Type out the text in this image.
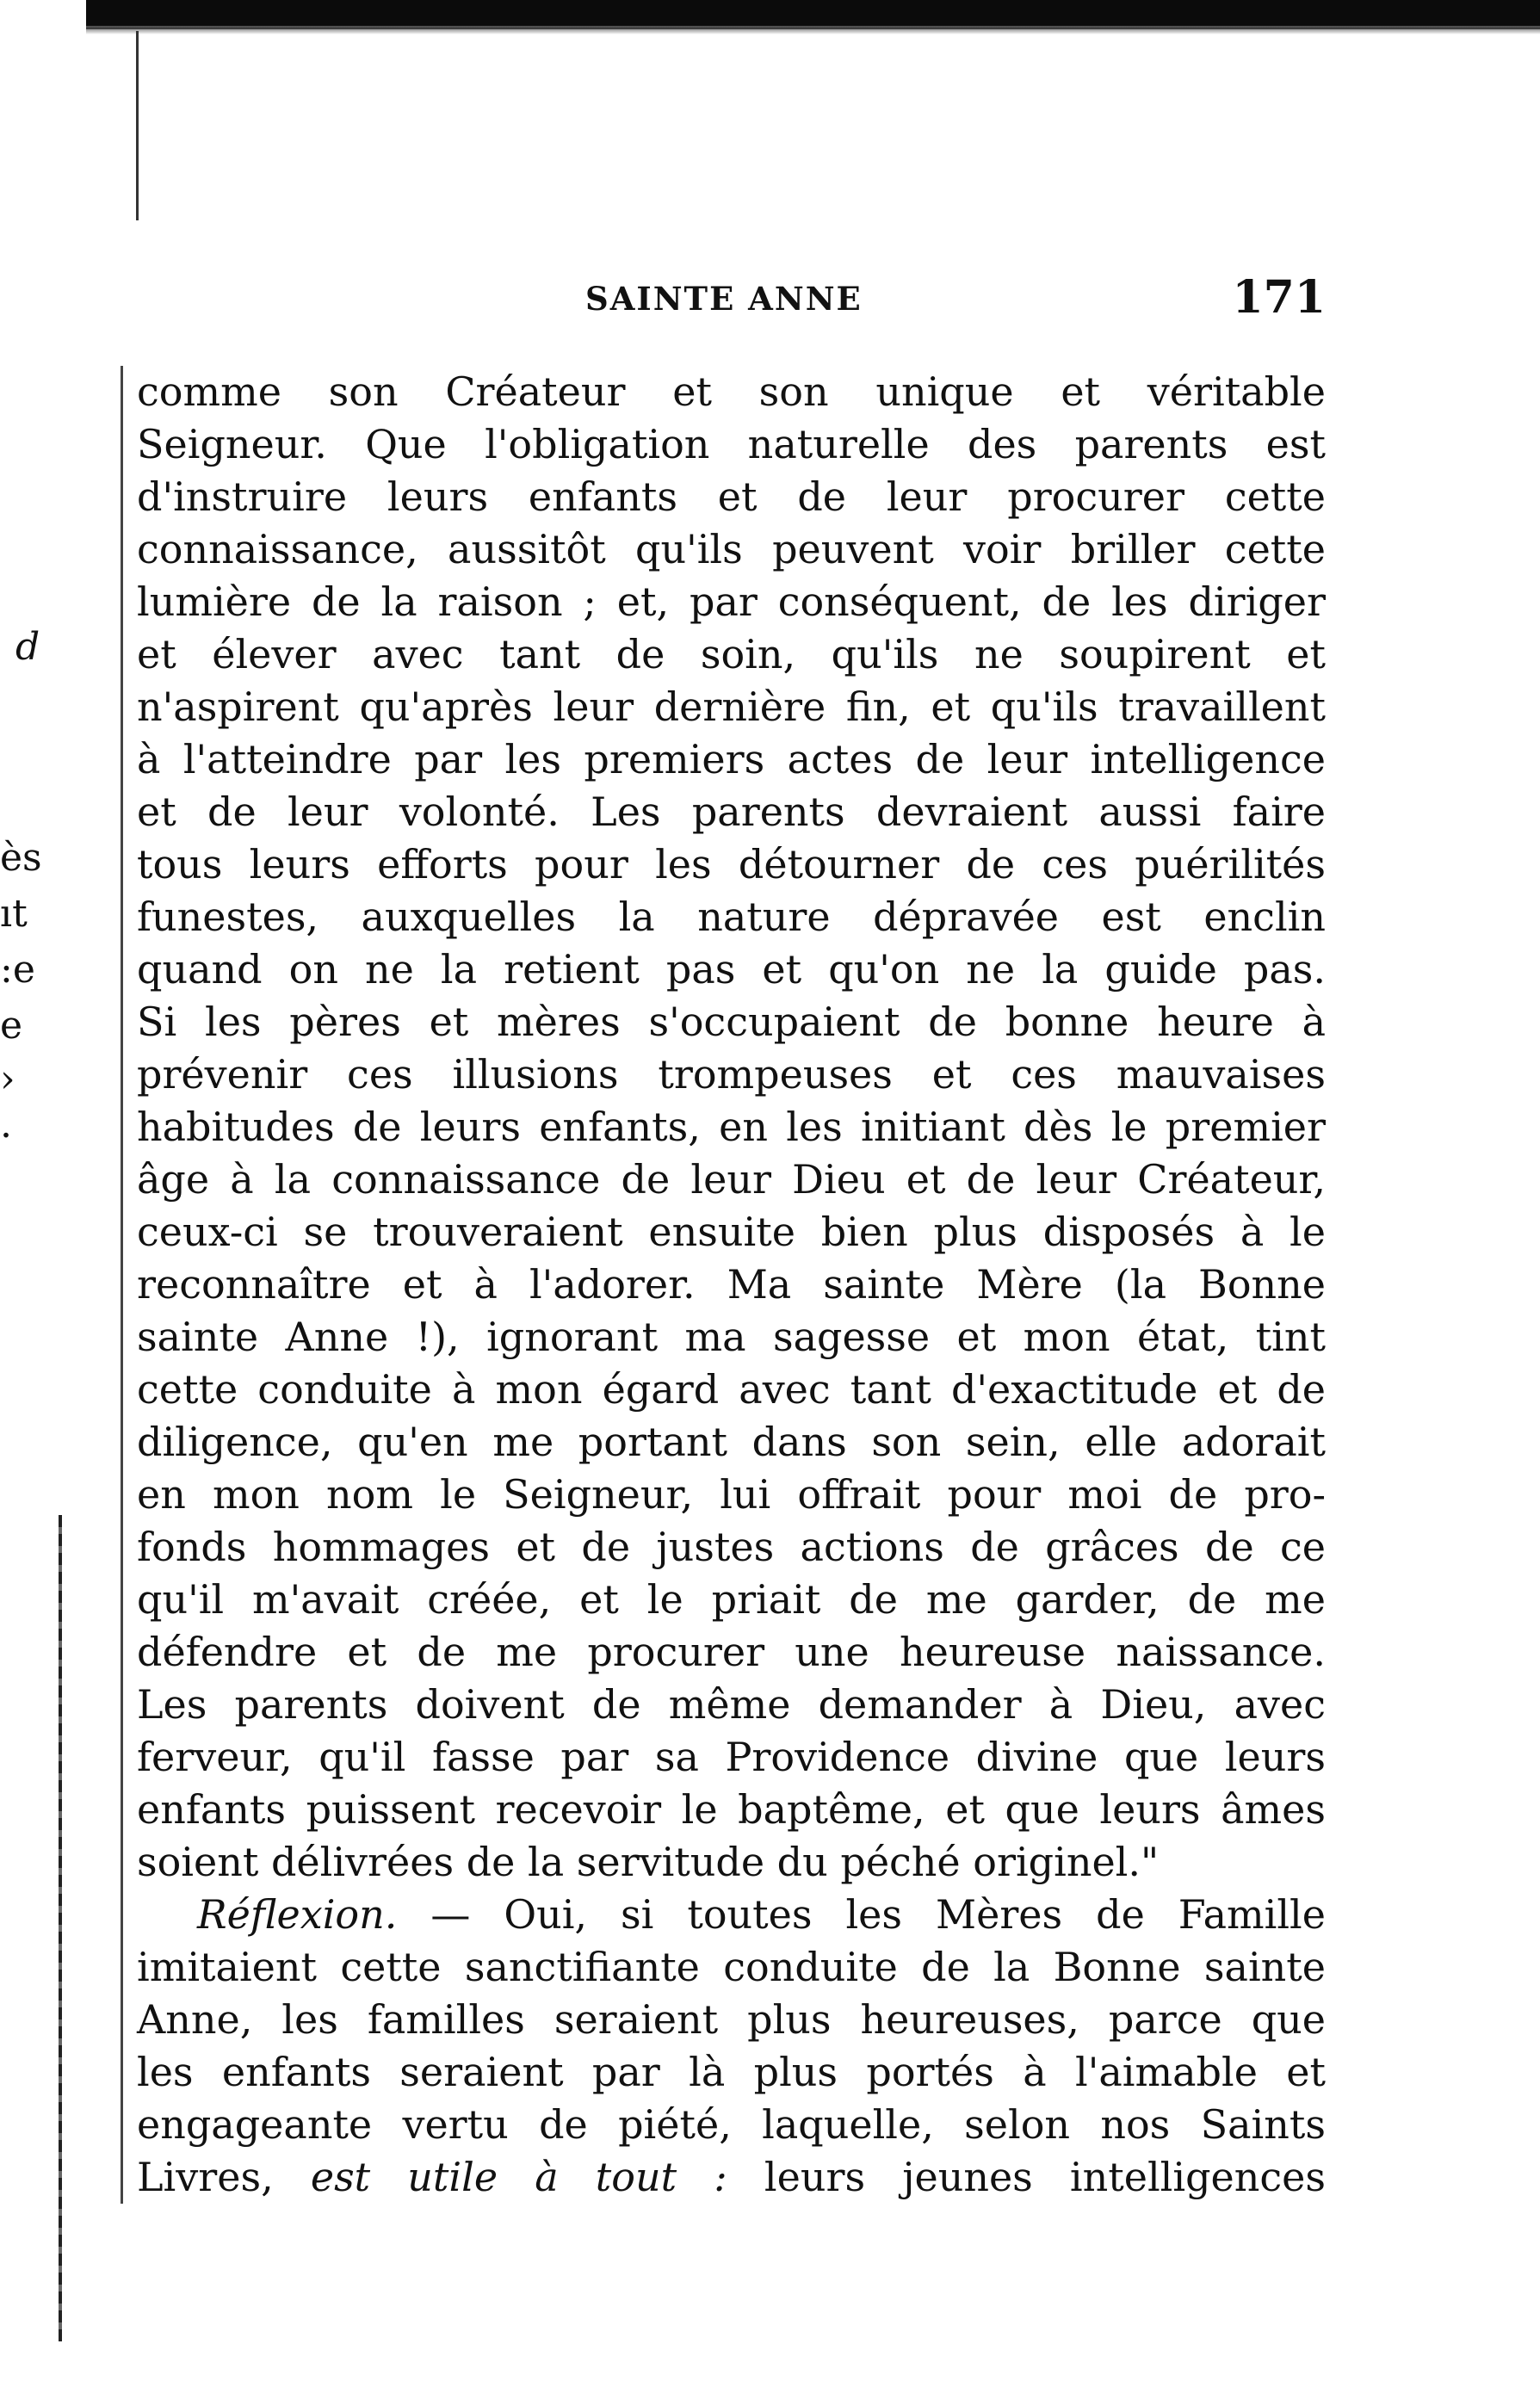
d
ès
ıt
:e
e
›
.
SAINTE ANNE	171

comme son Créateur et son unique et véritable
Seigneur. Que l'obligation naturelle des parents est
d'instruire leurs enfants et de leur procurer cette
connaissance, aussitôt qu'ils peuvent voir briller cette
lumière de la raison ; et, par conséquent, de les diriger
et élever avec tant de soin, qu'ils ne soupirent et
n'aspirent qu'après leur dernière fin, et qu'ils travaillent
à l'atteindre par les premiers actes de leur intelligence
et de leur volonté. Les parents devraient aussi faire
tous leurs efforts pour les détourner de ces puérilités
funestes, auxquelles la nature dépravée est enclin
quand on ne la retient pas et qu'on ne la guide pas.
Si les pères et mères s'occupaient de bonne heure à
prévenir ces illusions trompeuses et ces mauvaises
habitudes de leurs enfants, en les initiant dès le premier
âge à la connaissance de leur Dieu et de leur Créateur,
ceux-ci se trouveraient ensuite bien plus disposés à le
reconnaître et à l'adorer. Ma sainte Mère (la Bonne
sainte Anne !), ignorant ma sagesse et mon état, tint
cette conduite à mon égard avec tant d'exactitude et de
diligence, qu'en me portant dans son sein, elle adorait
en mon nom le Seigneur, lui offrait pour moi de pro-
fonds hommages et de justes actions de grâces de ce
qu'il m'avait créée, et le priait de me garder, de me
défendre et de me procurer une heureuse naissance.
Les parents doivent de même demander à Dieu, avec
ferveur, qu'il fasse par sa Providence divine que leurs
enfants puissent recevoir le baptême, et que leurs âmes
soient délivrées de la servitude du péché originel."

Réflexion. — Oui, si toutes les Mères de Famille
imitaient cette sanctifiante conduite de la Bonne sainte
Anne, les familles seraient plus heureuses, parce que
les enfants seraient par là plus portés à l'aimable et
engageante vertu de piété, laquelle, selon nos Saints
Livres, est utile à tout : leurs jeunes intelligences
